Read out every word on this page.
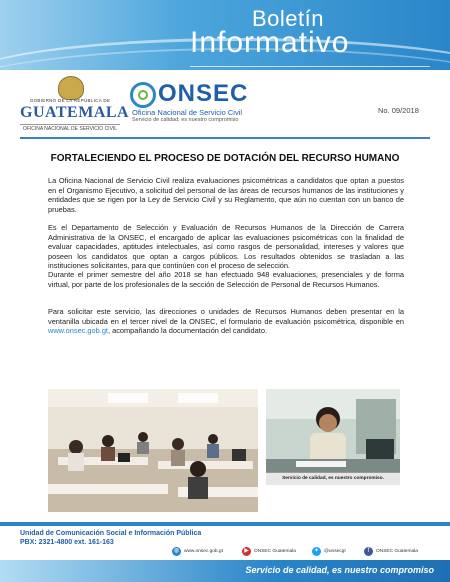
Boletín
Informativo
GOBIERNO DE LA REPÚBLICA DE
GUATEMALA
OFICINA NACIONAL DE SERVICIO CIVIL
ONSEC
Oficina Nacional de Servicio Civil
Servicio de calidad, es nuestro compromiso
No. 09/2018
FORTALECIENDO EL PROCESO DE DOTACIÓN DEL RECURSO HUMANO
La Oficina Nacional de Servicio Civil realiza evaluaciones psicométricas a candidatos que optan a puestos en el Organismo Ejecutivo, a solicitud del personal de las áreas de recursos humanos de las instituciones y entidades que se rigen por la Ley de Servicio Civil y su Reglamento, que aún no cuentan con un banco de pruebas.
Es el Departamento de Selección y Evaluación de Recursos Humanos de la Dirección de Carrera Administrativa de la ONSEC, el encargado de aplicar las evaluaciones psicométricas con la finalidad de evaluar capacidades, aptitudes intelectuales, así como rasgos de personalidad, intereses y valores que poseen los candidatos que optan a cargos públicos. Los resultados obtenidos se trasladan a las instituciones solicitantes, para que continúen con el proceso de selección.
Durante el primer semestre del año 2018 se han efectuado 948 evaluaciones, presenciales y de forma virtual, por parte de los profesionales de la sección de Selección de Personal de Recursos Humanos.
Para solicitar este servicio, las direcciones o unidades de Recursos Humanos deben presentar en la ventanilla ubicada en el tercer nivel de la ONSEC, el formulario de evaluación psicométrica, disponible en www.onsec.gob.gt, acompañando la documentación del candidato.
Servicio de calidad, es nuestro compromiso.
Unidad de Comunicación Social e Información Pública
PBX: 2321-4800 ext. 161-163
◍	www.onsec.gob.gt	▶	ONSEC Guatemala	✦	@onsecgt	f	ONSEC Guatemala
Servicio de calidad, es nuestro compromiso
